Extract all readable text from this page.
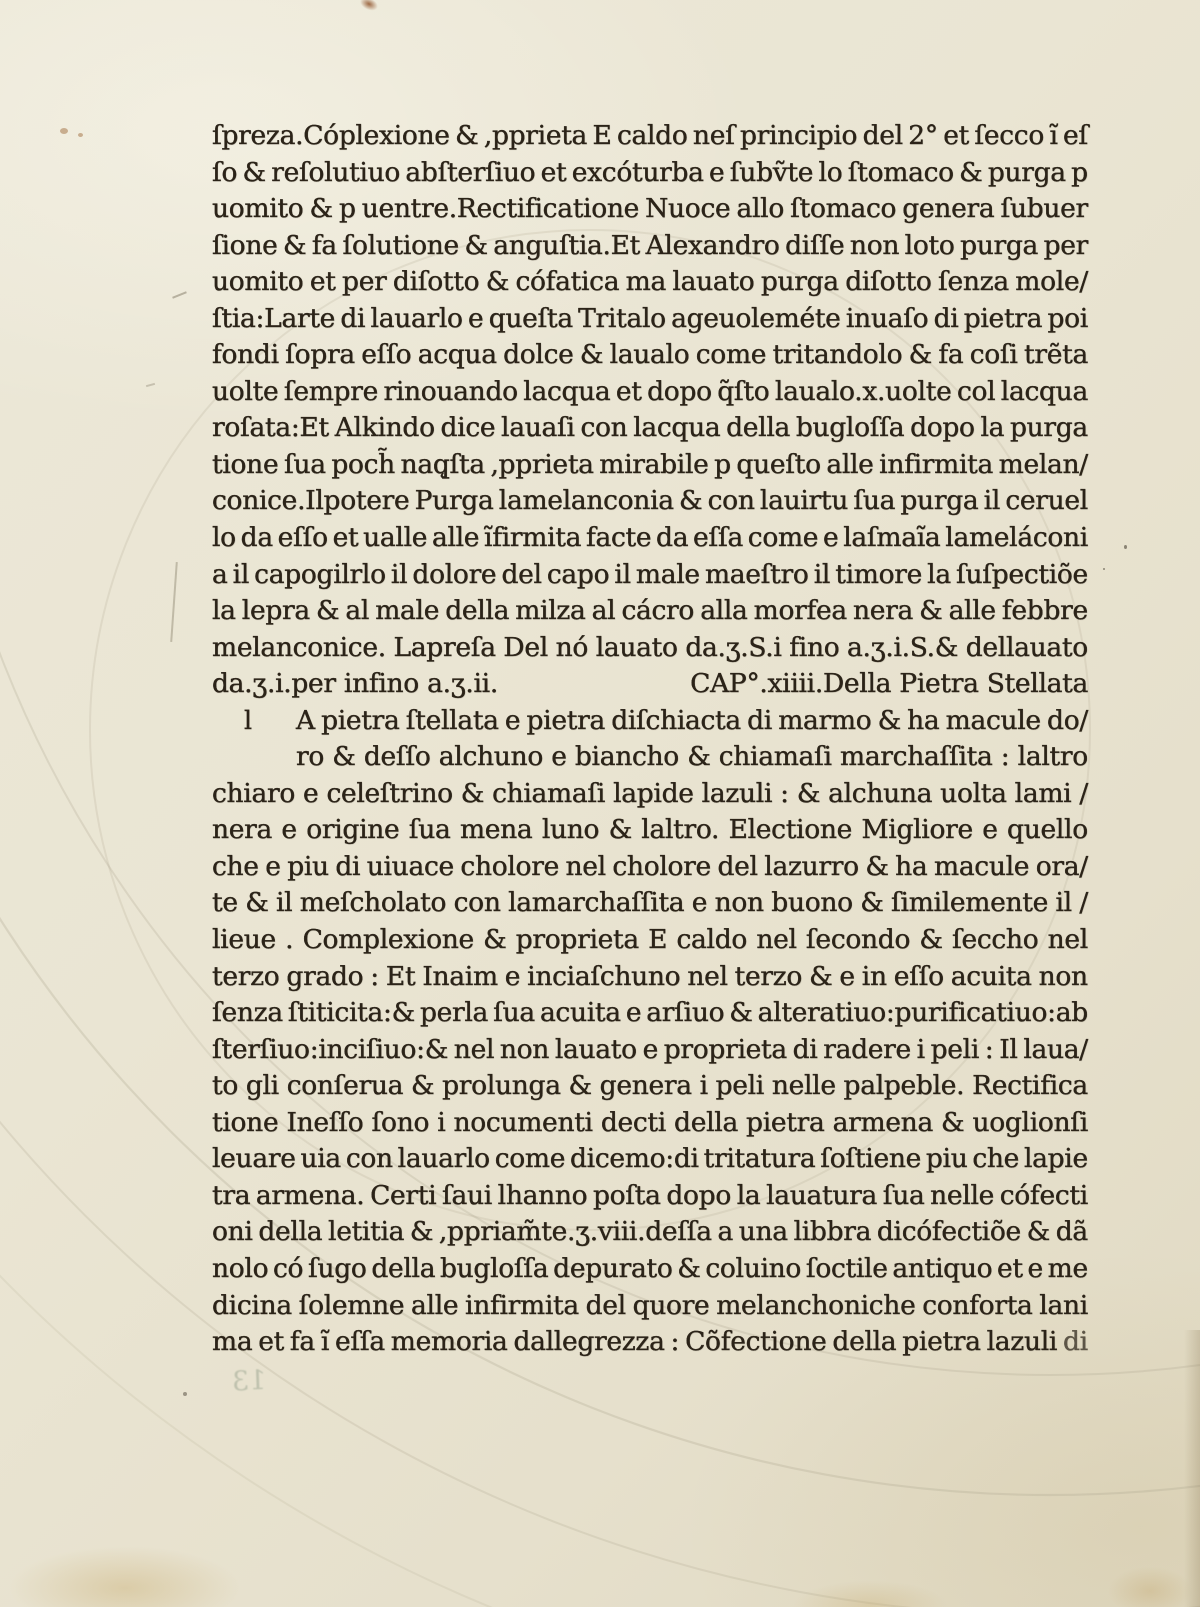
13
ſpreza.Cóplexione & ,pprieta E caldo neſ principio del 2° et ſecco ĩ eſ
ſo & reſolutiuo abſterſiuo et excóturba e ſubṽte lo ſtomaco & purga p
uomito & p uentre.Rectificatione Nuoce allo ſtomaco genera ſubuer
ſione & fa ſolutione & anguſtia.Et Alexandro diſſe non loto purga per
uomito et per diſotto & cófatica ma lauato purga diſotto ſenza mole/
ſtia:Larte di lauarlo e queſta Tritalo ageuoleméte inuaſo di pietra poi
fondi ſopra eſſo acqua dolce & laualo come tritandolo & fa coſi trẽta
uolte ſempre rinouando lacqua et dopo q̃ſto laualo.x.uolte col lacqua
roſata:Et Alkindo dice lauaſi con lacqua della bugloſſa dopo la purga
tione ſua poch̃ naq̨ſta ,pprieta mirabile p queſto alle infirmita melan/
conice.Ilpotere Purga lamelanconia & con lauirtu ſua purga il ceruel
lo da eſſo et ualle alle ĩfirmita facte da eſſa come e laſmaĩa lameláconi
a il capogilrlo il dolore del capo il male maeſtro il timore la ſuſpectiõe
la lepra & al male della milza al cácro alla morfea nera & alle febbre
melanconice. Lapreſa Del nó lauato da.ʒ.S.i fino a.ʒ.i.S.& dellauato
da.ʒ.i.per infino a.ʒ.ii.	CAP°.xiiii.Della Pietra Stellata
l A pietra ſtellata e pietra diſchiacta di marmo & ha macule do/
ro & deſſo alchuno e biancho & chiamaſi marchaſſita : laltro
chiaro e celeſtrino & chiamaſi lapide lazuli : & alchuna uolta lami /
nera e origine ſua mena luno & laltro. Electione Migliore e quello
che e piu di uiuace cholore nel cholore del lazurro & ha macule ora/
te & il meſcholato con lamarchaſſita e non buono & ſimilemente il /
lieue . Complexione & proprieta E caldo nel ſecondo & ſeccho nel
terzo grado : Et Inaim e inciaſchuno nel terzo & e in eſſo acuita non
ſenza ſtiticita:& perla ſua acuita e arſiuo & alteratiuo:purificatiuo:ab
ſterſiuo:inciſiuo:& nel non lauato e proprieta di radere i peli : Il laua/
to gli conſerua & prolunga & genera i peli nelle palpeble. Rectifica
tione Ineſſo ſono i nocumenti decti della pietra armena & uoglionſi
leuare uia con lauarlo come dicemo:di tritatura ſoſtiene piu che lapie
tra armena. Certi ſaui lhanno poſta dopo la lauatura ſua nelle cófecti
oni della letitia & ,ppriam̃te.ʒ.viii.deſſa a una libbra dicófectiõe & dã
nolo có ſugo della bugloſſa depurato & coluino ſoctile antiquo et e me
dicina ſolemne alle infirmita del quore melanchoniche conforta lani
ma et fa ĩ eſſa memoria dallegrezza : Cõfectione della pietra lazuli di
